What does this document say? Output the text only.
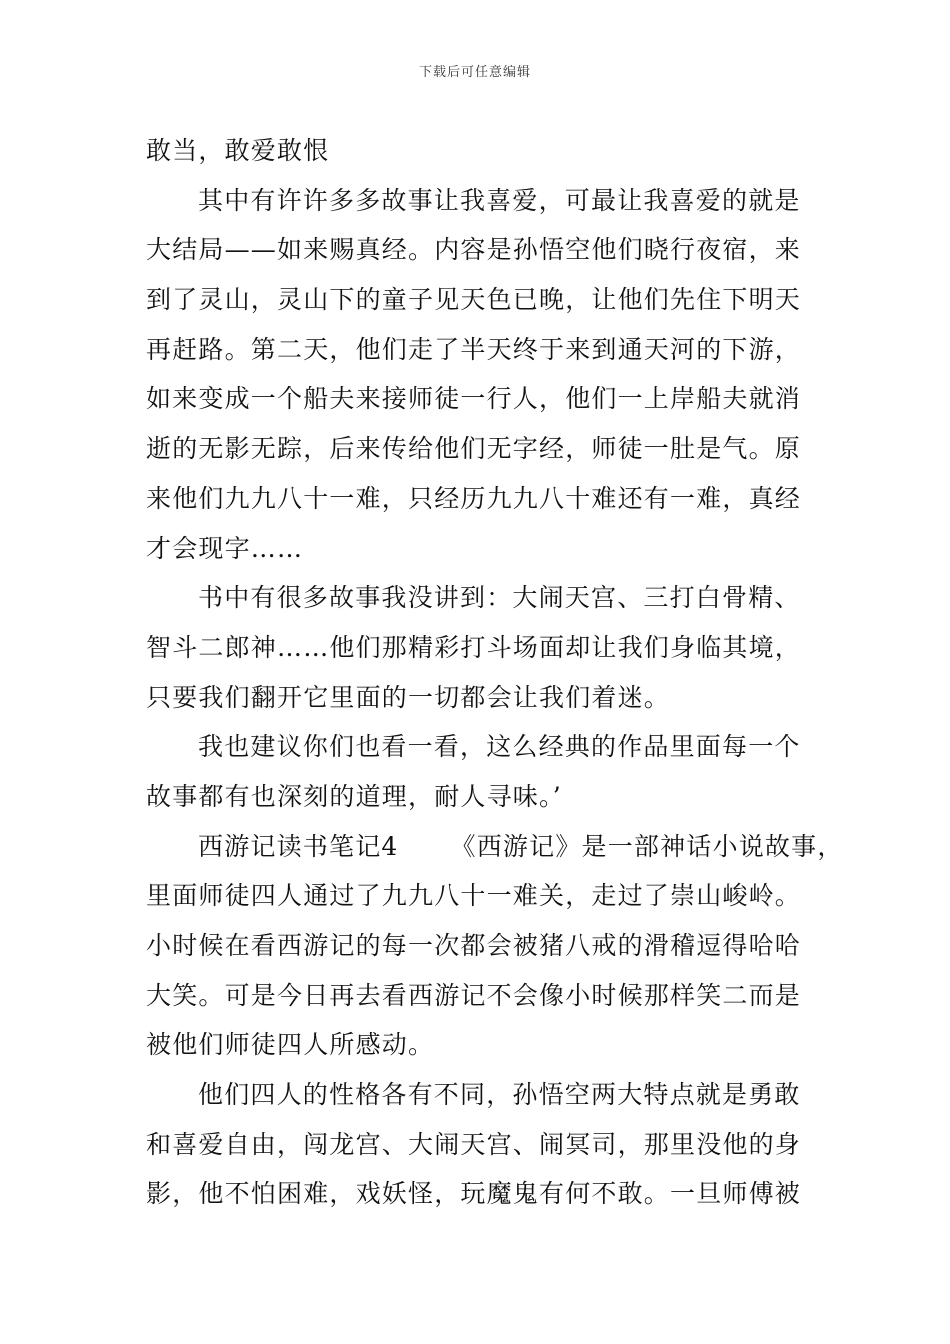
下载后可任意编辑
敢当，敢爱敢恨
其中有许许多多故事让我喜爱，可最让我喜爱的就是
大结局——如来赐真经。内容是孙悟空他们晓行夜宿，来
到了灵山，灵山下的童子见天色已晚，让他们先住下明天
再赶路。第二天，他们走了半天终于来到通天河的下游，
如来变成一个船夫来接师徒一行人，他们一上岸船夫就消
逝的无影无踪，后来传给他们无字经，师徒一肚是气。原
来他们九九八十一难，只经历九九八十难还有一难，真经
才会现字……
书中有很多故事我没讲到：大闹天宫、三打白骨精、
智斗二郎神……他们那精彩打斗场面却让我们身临其境，
只要我们翻开它里面的一切都会让我们着迷。
我也建议你们也看一看，这么经典的作品里面每一个
故事都有也深刻的道理，耐人寻味。’
西游记读书笔记4 《西游记》是一部神话小说故事，
里面师徒四人通过了九九八十一难关，走过了崇山峻岭。
小时候在看西游记的每一次都会被猪八戒的滑稽逗得哈哈
大笑。可是今日再去看西游记不会像小时候那样笑二而是
被他们师徒四人所感动。
他们四人的性格各有不同，孙悟空两大特点就是勇敢
和喜爱自由，闯龙宫、大闹天宫、闹冥司，那里没他的身
影，他不怕困难，戏妖怪，玩魔鬼有何不敢。一旦师傅被
